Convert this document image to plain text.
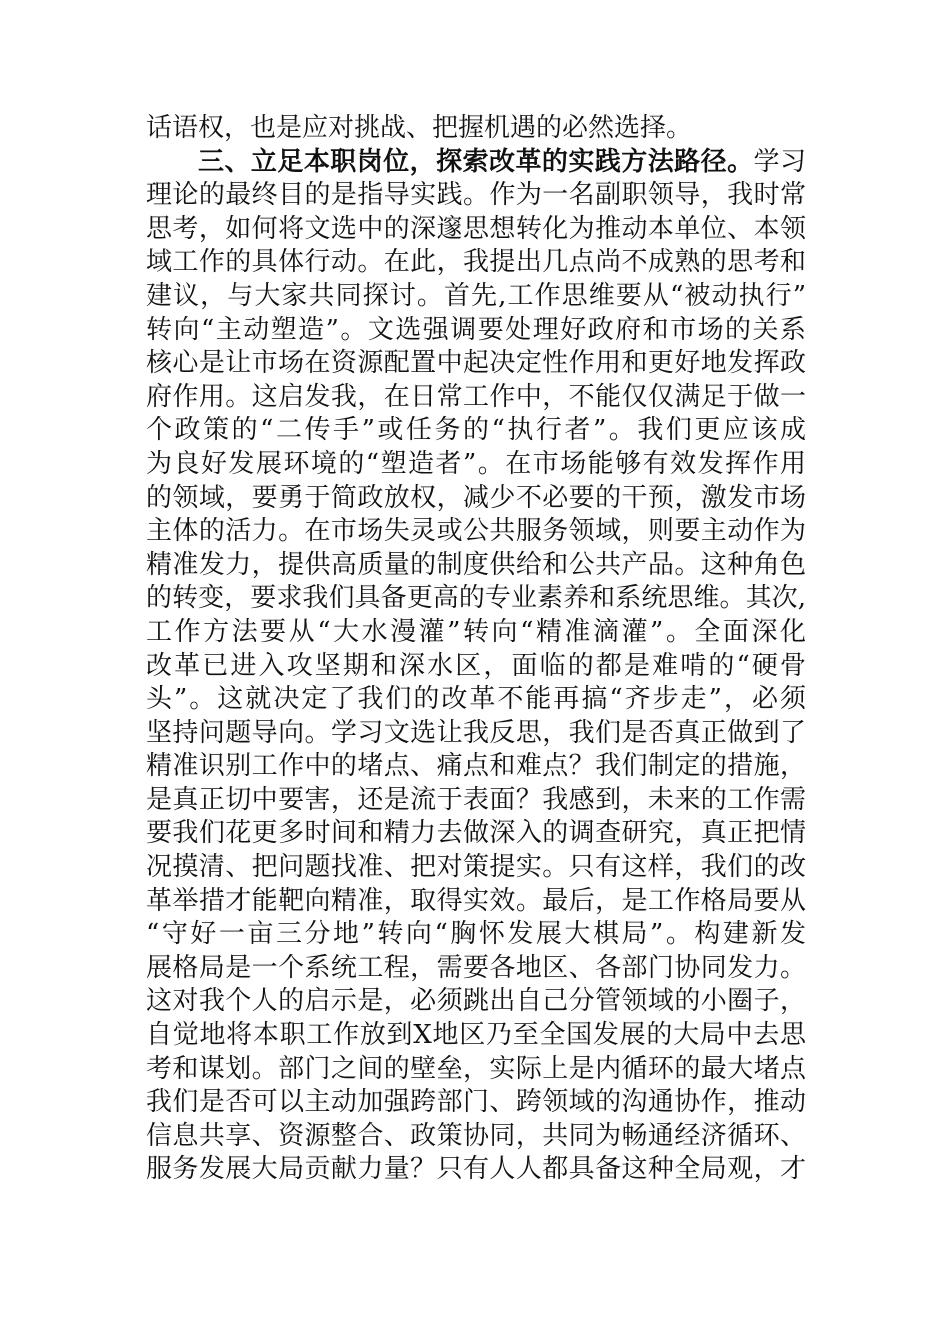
话语权，也是应对挑战、把握机遇的必然选择。
三、立足本职岗位，探索改革的实践方法路径。学习
理论的最终目的是指导实践。作为一名副职领导，我时常
思考，如何将文选中的深邃思想转化为推动本单位、本领
域工作的具体行动。在此，我提出几点尚不成熟的思考和
建议，与大家共同探讨。首先,工作思维要从“被动执行”
转向“主动塑造”。文选强调要处理好政府和市场的关系
核心是让市场在资源配置中起决定性作用和更好地发挥政
府作用。这启发我，在日常工作中，不能仅仅满足于做一
个政策的“二传手”或任务的“执行者”。我们更应该成
为良好发展环境的“塑造者”。在市场能够有效发挥作用
的领域，要勇于简政放权，减少不必要的干预，激发市场
主体的活力。在市场失灵或公共服务领域，则要主动作为
精准发力，提供高质量的制度供给和公共产品。这种角色
的转变，要求我们具备更高的专业素养和系统思维。其次,
工作方法要从“大水漫灌”转向“精准滴灌”。全面深化
改革已进入攻坚期和深水区，面临的都是难啃的“硬骨
头”。这就决定了我们的改革不能再搞“齐步走”，必须
坚持问题导向。学习文选让我反思，我们是否真正做到了
精准识别工作中的堵点、痛点和难点？我们制定的措施，
是真正切中要害，还是流于表面？我感到，未来的工作需
要我们花更多时间和精力去做深入的调查研究，真正把情
况摸清、把问题找准、把对策提实。只有这样，我们的改
革举措才能靶向精准，取得实效。最后，是工作格局要从
“守好一亩三分地”转向“胸怀发展大棋局”。构建新发
展格局是一个系统工程，需要各地区、各部门协同发力。
这对我个人的启示是，必须跳出自己分管领域的小圈子，
自觉地将本职工作放到X地区乃至全国发展的大局中去思
考和谋划。部门之间的壁垒，实际上是内循环的最大堵点
我们是否可以主动加强跨部门、跨领域的沟通协作，推动
信息共享、资源整合、政策协同，共同为畅通经济循环、
服务发展大局贡献力量？只有人人都具备这种全局观，才
